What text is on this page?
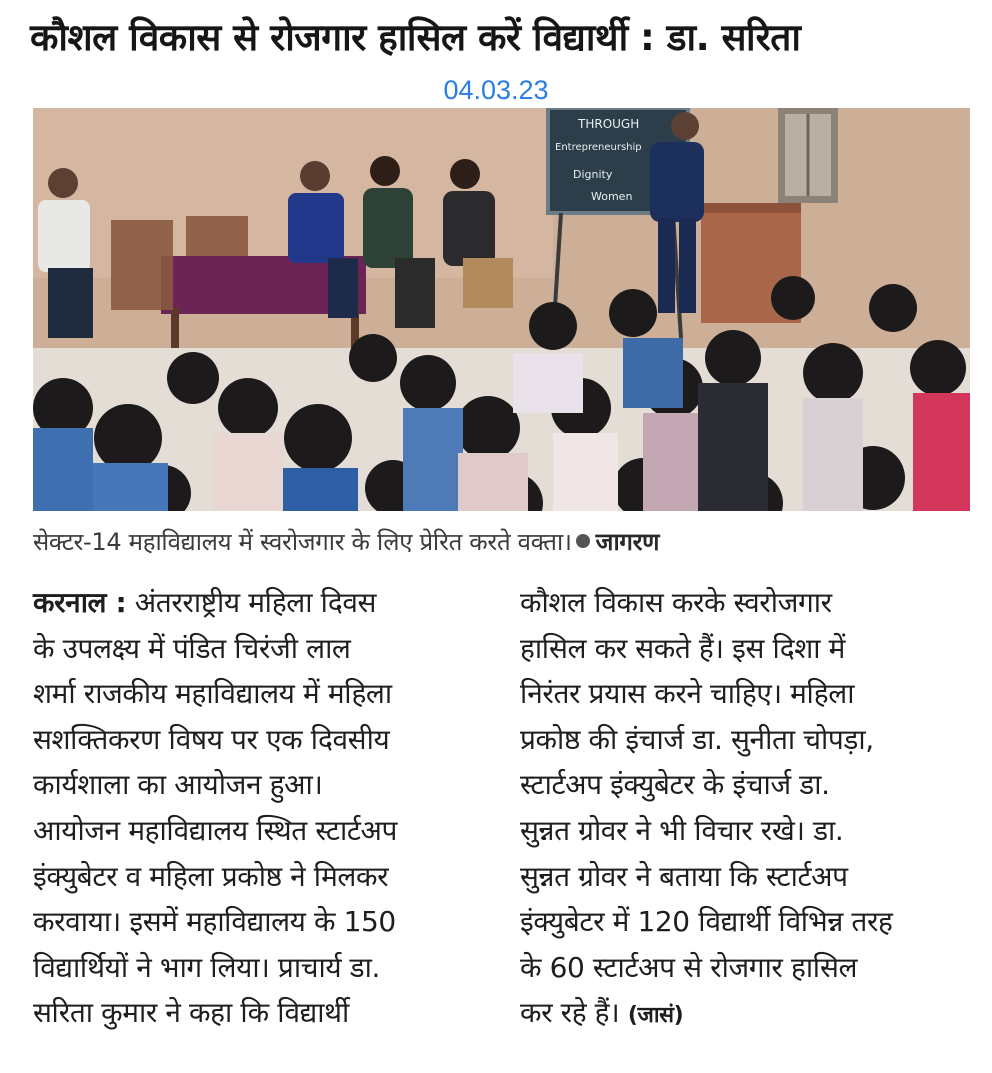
कौशल विकास से रोजगार हासिल करें विद्यार्थी : डा. सरिता
04.03.23
THROUGH
Entrepreneurship
Dignity
Women
सेक्टर-14 महाविद्यालय में स्वरोजगार के लिए प्रेरित करते वक्ता। जागरण
करनाल : अंतरराष्ट्रीय महिला दिवस
के उपलक्ष्य में पंडित चिरंजी लाल
शर्मा राजकीय महाविद्यालय में महिला
सशक्तिकरण विषय पर एक दिवसीय
कार्यशाला का आयोजन हुआ।
आयोजन महाविद्यालय स्थित स्टार्टअप
इंक्युबेटर व महिला प्रकोष्ठ ने मिलकर
करवाया। इसमें महाविद्यालय के 150
विद्यार्थियों ने भाग लिया। प्राचार्य डा.
सरिता कुमार ने कहा कि विद्यार्थी
कौशल विकास करके स्वरोजगार
हासिल कर सकते हैं। इस दिशा में
निरंतर प्रयास करने चाहिए। महिला
प्रकोष्ठ की इंचार्ज डा. सुनीता चोपड़ा,
स्टार्टअप इंक्युबेटर के इंचार्ज डा.
सुन्नत ग्रोवर ने भी विचार रखे। डा.
सुन्नत ग्रोवर ने बताया कि स्टार्टअप
इंक्युबेटर में 120 विद्यार्थी विभिन्न तरह
के 60 स्टार्टअप से रोजगार हासिल
कर रहे हैं। (जासं)
